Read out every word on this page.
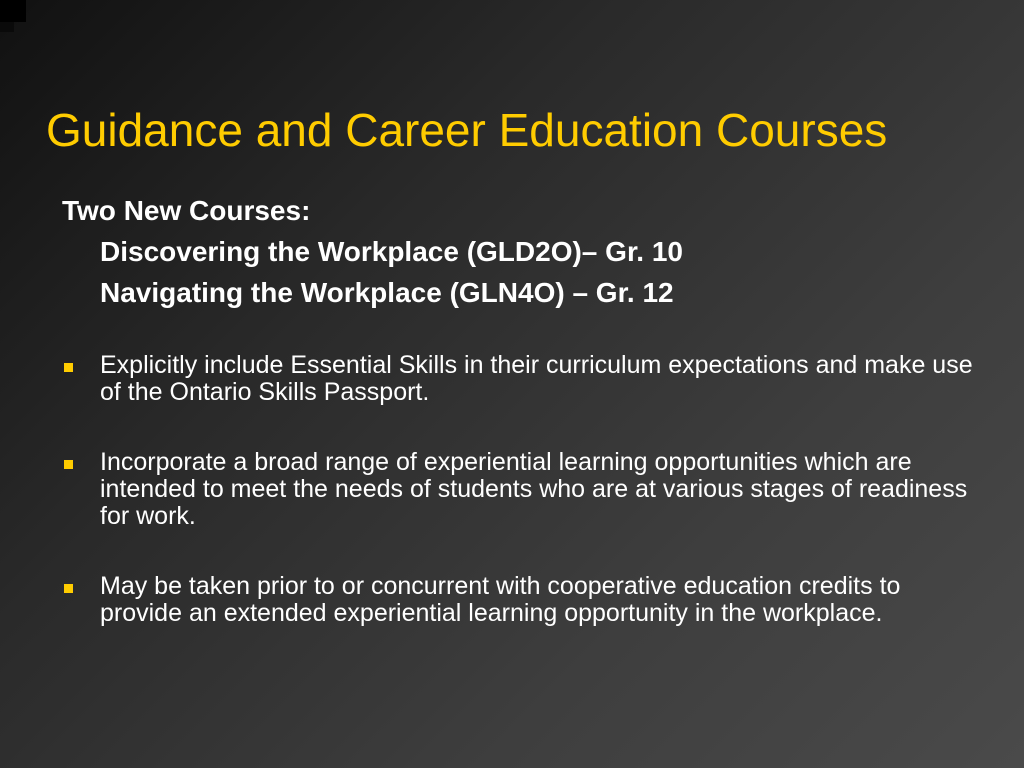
Guidance and Career Education Courses
Two New Courses:
Discovering the Workplace (GLD2O)– Gr. 10
Navigating the Workplace (GLN4O) – Gr. 12
Explicitly include Essential Skills in their curriculum expectations and make use of the Ontario Skills Passport.
Incorporate a broad range of experiential learning opportunities which are intended to meet the needs of students who are at various stages of readiness for work.
May be taken prior to or concurrent with cooperative education credits to provide an extended experiential learning opportunity in the workplace.
